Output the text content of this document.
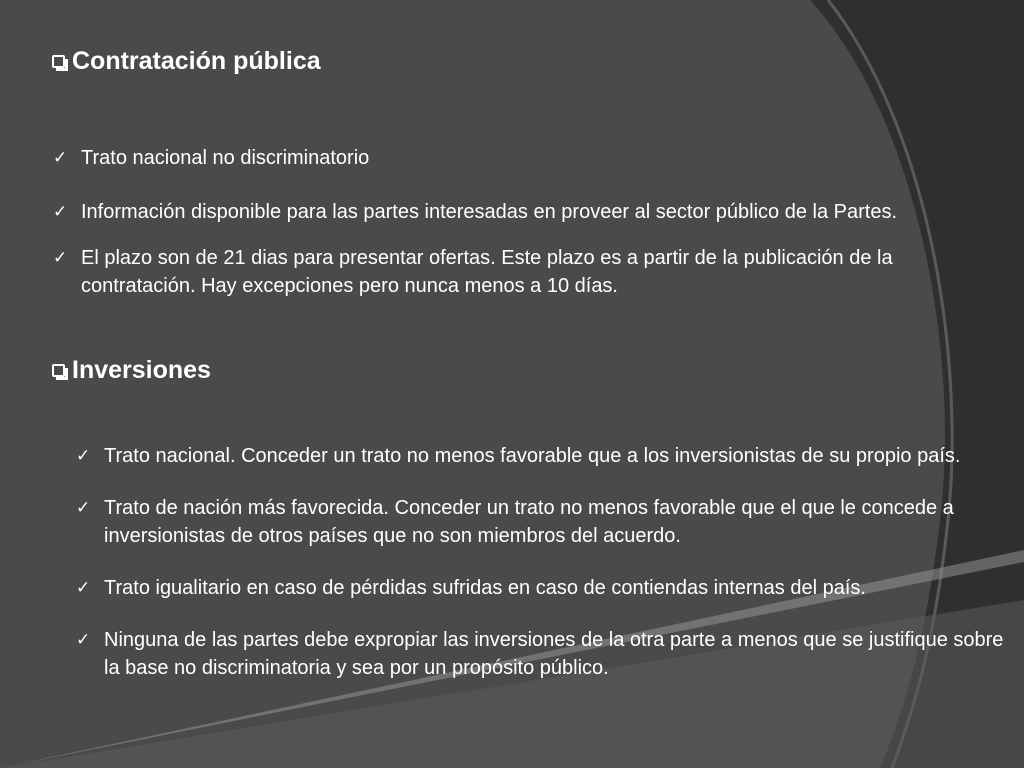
Contratación pública
✓ Trato nacional no discriminatorio
✓ Información disponible para las partes interesadas en proveer al sector público de la Partes.
✓ El plazo son de 21 dias para presentar ofertas. Este plazo es a partir de la publicación de la contratación. Hay excepciones pero nunca menos a 10 días.
Inversiones
✓ Trato nacional. Conceder un trato no menos favorable que a los inversionistas de su propio país.
✓ Trato de nación más favorecida. Conceder un trato no menos favorable que el que le concede a inversionistas de otros países que no son miembros del acuerdo.
✓ Trato igualitario en caso de pérdidas sufridas en caso de contiendas internas del país.
✓ Ninguna de las partes debe expropiar las inversiones de la otra parte a menos que se justifique sobre la base no discriminatoria y sea por un propósito público.
